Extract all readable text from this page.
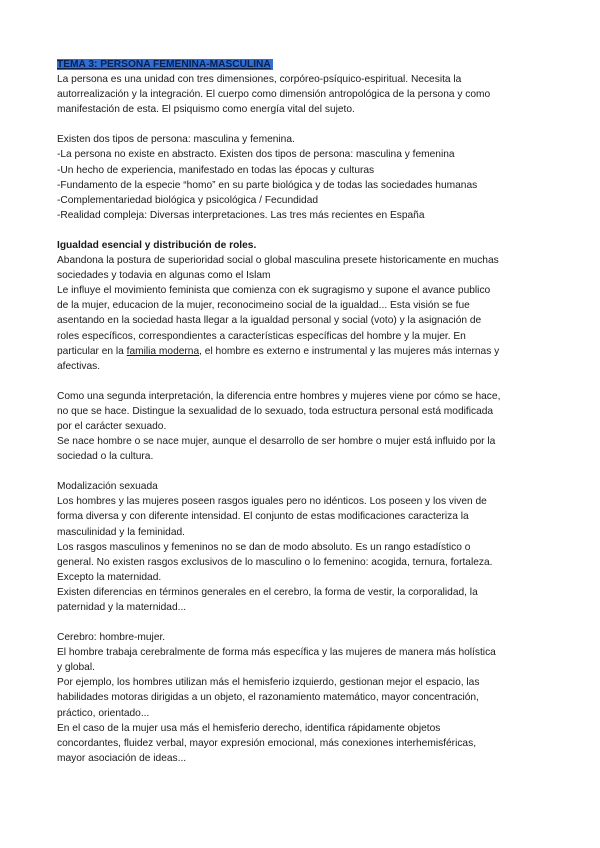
TEMA 3: PERSONA FEMENINA-MASCULINA

La persona es una unidad con tres dimensiones, corpóreo-psíquico-espiritual. Necesita la

autorrealización y la integración. El cuerpo como dimensión antropológica de la persona y como

manifestación de esta. El psiquismo como energía vital del sujeto.

Existen dos tipos de persona: masculina y femenina.

-La persona no existe en abstracto. Existen dos tipos de persona: masculina y femenina

-Un hecho de experiencia, manifestado en todas las épocas y culturas

-Fundamento de la especie “homo” en su parte biológica y de todas las sociedades humanas

-Complementariedad biológica y psicológica / Fecundidad

-Realidad compleja: Diversas interpretaciones. Las tres más recientes en España

Igualdad esencial y distribución de roles.

Abandona la postura de superioridad social o global masculina presete historicamente en muchas

sociedades y todavia en algunas como el Islam

Le influye el movimiento feminista que comienza con ek sugragismo y supone el avance publico

de la mujer, educacion de la mujer, reconocimeino social de la igualdad... Esta visión se fue

asentando en la sociedad hasta llegar a la igualdad personal y social (voto) y la asignación de

roles específicos, correspondientes a características específicas del hombre y la mujer. En

particular en la familia moderna, el hombre es externo e instrumental y las mujeres más internas y

afectivas.

Como una segunda interpretación, la diferencia entre hombres y mujeres viene por cómo se hace,

no que se hace. Distingue la sexualidad de lo sexuado, toda estructura personal está modificada

por el carácter sexuado.

Se nace hombre o se nace mujer, aunque el desarrollo de ser hombre o mujer está influido por la

sociedad o la cultura.

Modalización sexuada

Los hombres y las mujeres poseen rasgos iguales pero no idénticos. Los poseen y los viven de

forma diversa y con diferente intensidad. El conjunto de estas modificaciones caracteriza la

masculinidad y la feminidad.

Los rasgos masculinos y femeninos no se dan de modo absoluto. Es un rango estadístico o

general. No existen rasgos exclusivos de lo masculino o lo femenino: acogida, ternura, fortaleza.

Excepto la maternidad.

Existen diferencias en términos generales en el cerebro, la forma de vestir, la corporalidad, la

paternidad y la maternidad...

Cerebro: hombre-mujer.

El hombre trabaja cerebralmente de forma más específica y las mujeres de manera más holística

y global.

Por ejemplo, los hombres utilizan más el hemisferio izquierdo, gestionan mejor el espacio, las

habilidades motoras dirigidas a un objeto, el razonamiento matemático, mayor concentración,

práctico, orientado...

En el caso de la mujer usa más el hemisferio derecho, identifica rápidamente objetos

concordantes, fluidez verbal, mayor expresión emocional, más conexiones interhemisféricas,

mayor asociación de ideas...
